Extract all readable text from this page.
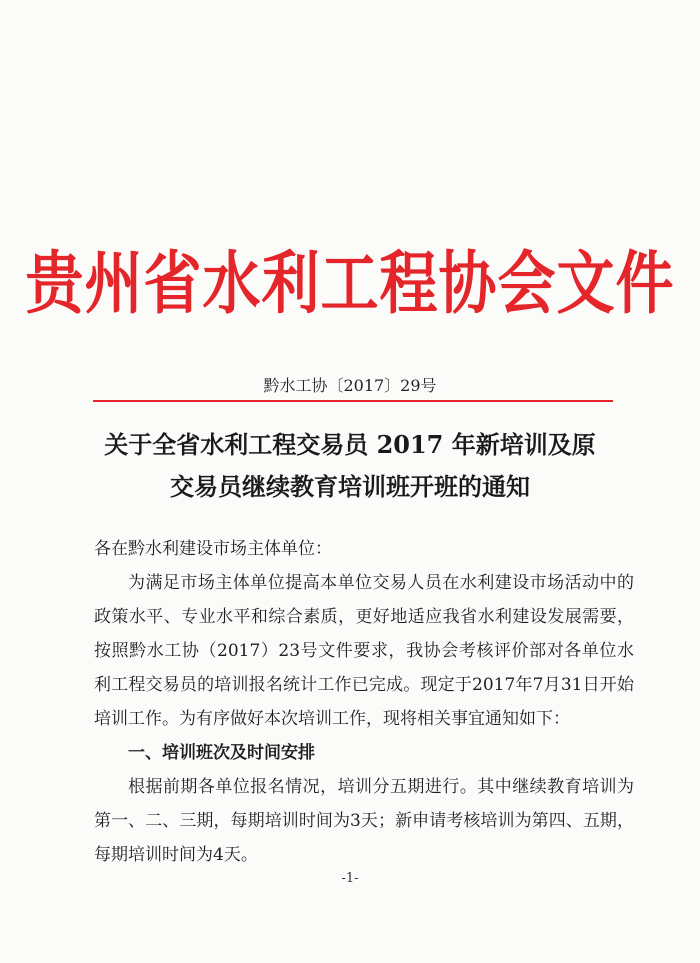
贵州省水利工程协会文件
黔水工协〔2017〕29号
关于全省水利工程交易员 2017 年新培训及原
交易员继续教育培训班开班的通知

各在黔水利建设市场主体单位：

为满足市场主体单位提高本单位交易人员在水利建设市场活动中的政策水平、专业水平和综合素质，更好地适应我省水利建设发展需要，按照黔水工协（2017）23号文件要求，我协会考核评价部对各单位水利工程交易员的培训报名统计工作已完成。现定于2017年7月31日开始培训工作。为有序做好本次培训工作，现将相关事宜通知如下：

一、培训班次及时间安排

根据前期各单位报名情况，培训分五期进行。其中继续教育培训为第一、二、三期，每期培训时间为3天；新申请考核培训为第四、五期，每期培训时间为4天。

-1-
